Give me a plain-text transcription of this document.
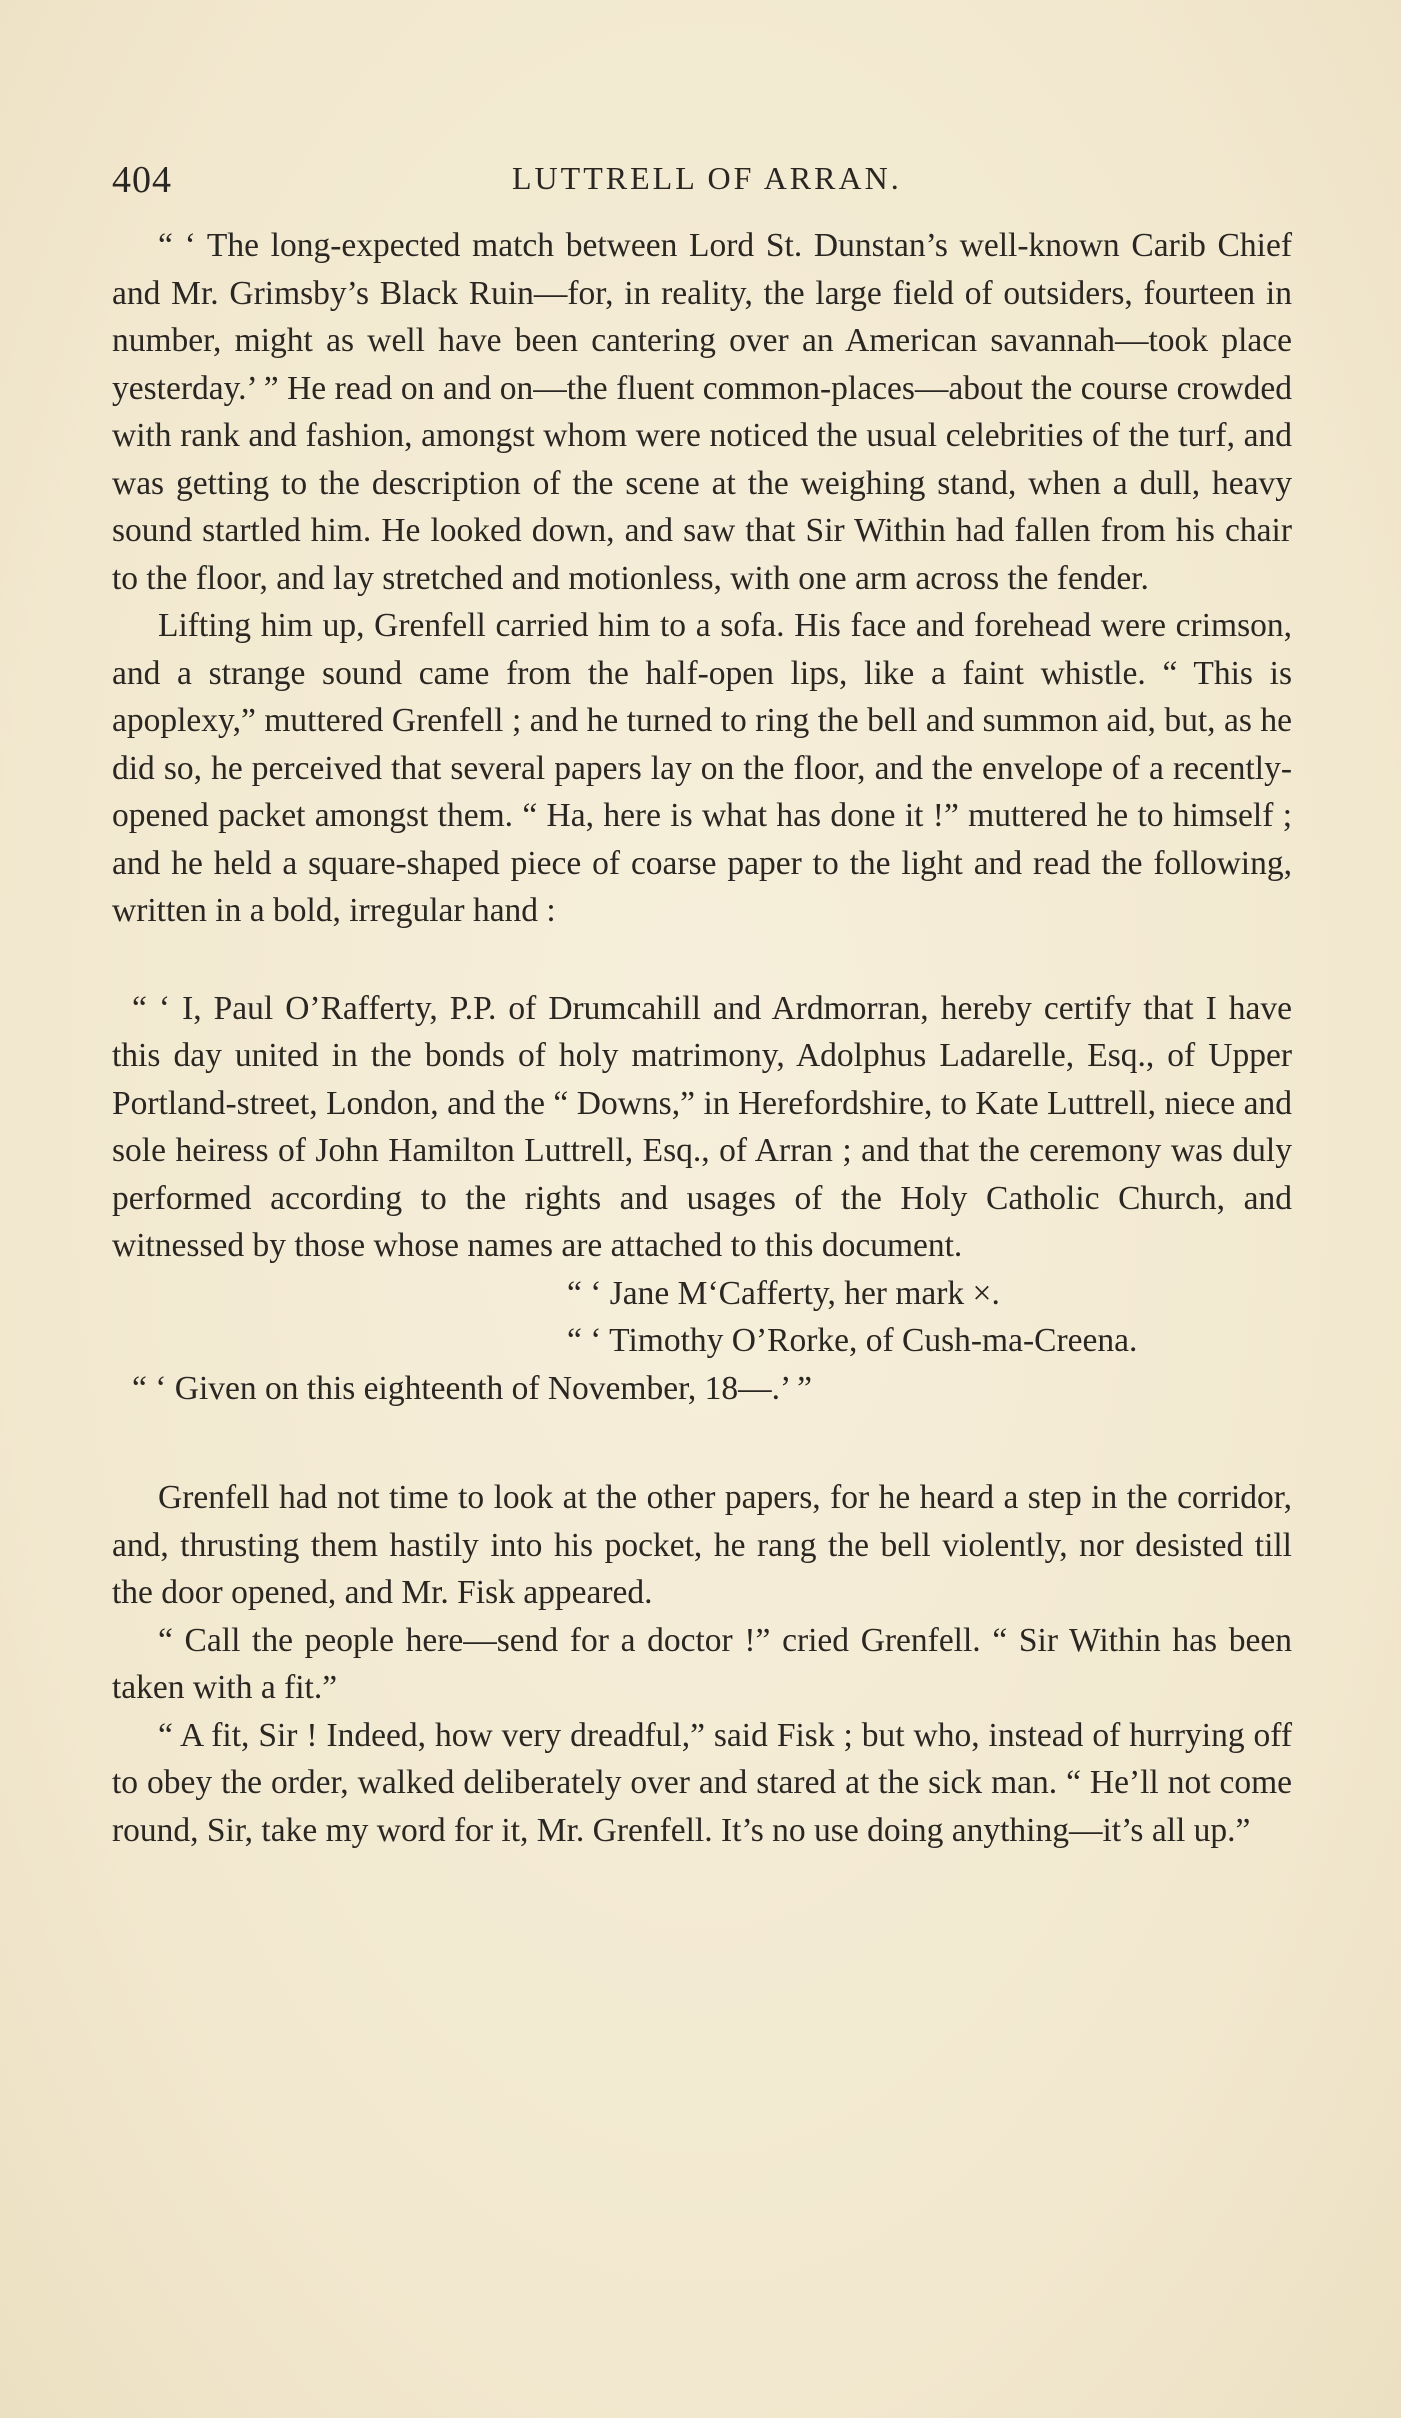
404	LUTTRELL OF ARRAN.

“ ‘ The long-expected match between Lord St. Dunstan’s well-known Carib Chief and Mr. Grimsby’s Black Ruin—for, in reality, the large field of outsiders, fourteen in number, might as well have been cantering over an American savannah—took place yesterday.’ ” He read on and on—the fluent common-places—about the course crowded with rank and fashion, amongst whom were noticed the usual celebrities of the turf, and was getting to the description of the scene at the weighing stand, when a dull, heavy sound startled him. He looked down, and saw that Sir Within had fallen from his chair to the floor, and lay stretched and motionless, with one arm across the fender.

Lifting him up, Grenfell carried him to a sofa. His face and forehead were crimson, and a strange sound came from the half-open lips, like a faint whistle. “ This is apoplexy,” muttered Grenfell ; and he turned to ring the bell and summon aid, but, as he did so, he perceived that several papers lay on the floor, and the envelope of a recently-opened packet amongst them. “ Ha, here is what has done it !” muttered he to himself ; and he held a square-shaped piece of coarse paper to the light and read the following, written in a bold, irregular hand :

“ ‘ I, Paul O’Rafferty, P.P. of Drumcahill and Ardmorran, hereby certify that I have this day united in the bonds of holy matrimony, Adolphus Ladarelle, Esq., of Upper Portland-street, London, and the “ Downs,” in Herefordshire, to Kate Luttrell, niece and sole heiress of John Hamilton Luttrell, Esq., of Arran ; and that the ceremony was duly performed according to the rights and usages of the Holy Catholic Church, and witnessed by those whose names are attached to this document.

“ ‘ Jane M‘Cafferty, her mark ×.

“ ‘ Timothy O’Rorke, of Cush-ma-Creena.

“ ‘ Given on this eighteenth of November, 18—.’ ”

Grenfell had not time to look at the other papers, for he heard a step in the corridor, and, thrusting them hastily into his pocket, he rang the bell violently, nor desisted till the door opened, and Mr. Fisk appeared.

“ Call the people here—send for a doctor !” cried Grenfell. “ Sir Within has been taken with a fit.”

“ A fit, Sir ! Indeed, how very dreadful,” said Fisk ; but who, instead of hurrying off to obey the order, walked deliberately over and stared at the sick man. “ He’ll not come round, Sir, take my word for it, Mr. Grenfell. It’s no use doing anything—it’s all up.”
